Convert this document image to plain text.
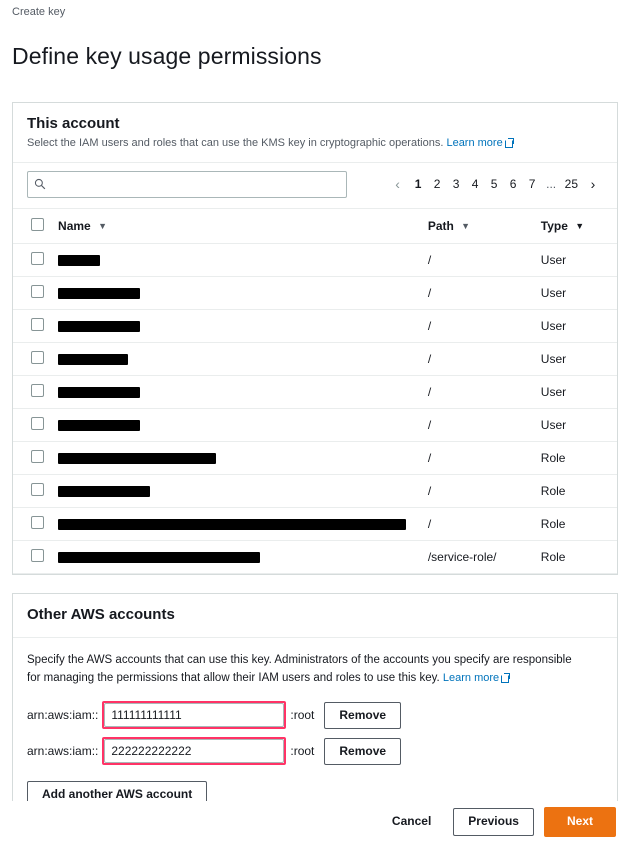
Create key
Define key usage permissions
This account
Select the IAM users and roles that can use the KMS key in cryptographic operations. Learn more
‹	1	2	3	4	5	6	7 ... 25 ›
	Name ▼	Path ▼	Type ▼
		/	User
		/	User
		/	User
		/	User
		/	User
		/	User
		/	Role
		/	Role
		/	Role
		/service-role/	Role
Other AWS accounts
Specify the AWS accounts that can use this key. Administrators of the accounts you specify are responsible for managing the permissions that allow their IAM users and roles to use this key. Learn more
arn:aws:iam::
111111111111	:root	Remove
arn:aws:iam::
222222222222	:root	Remove
Add another AWS account
Cancel	Previous	Next
